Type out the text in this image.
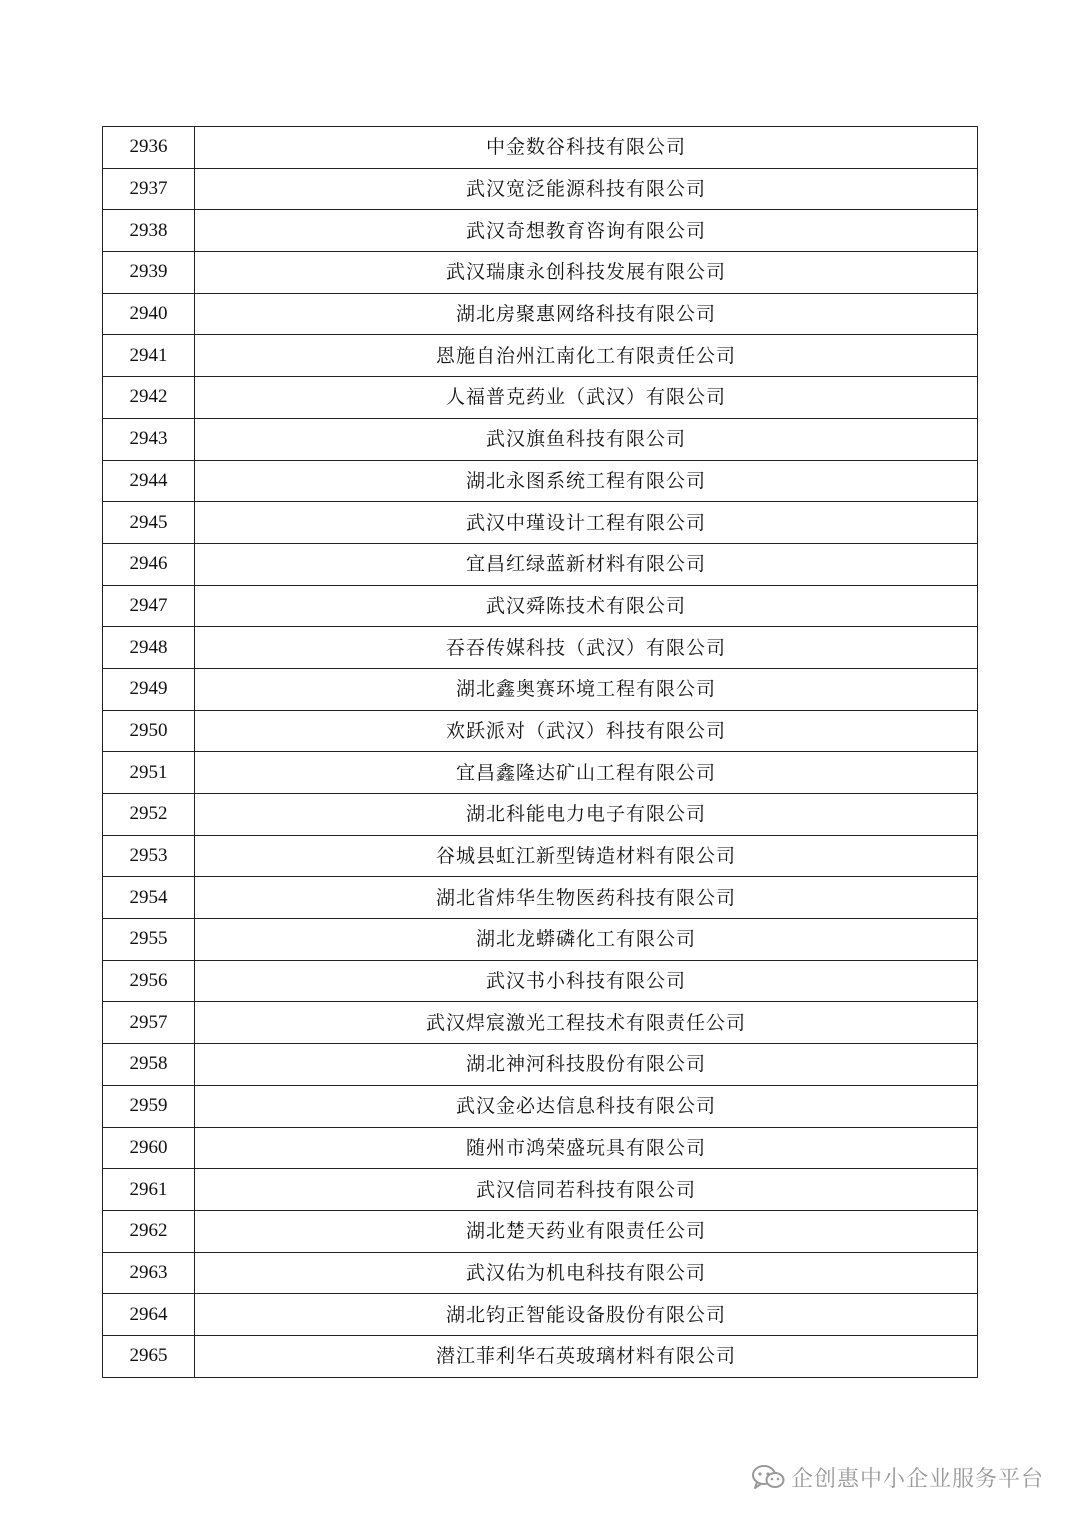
2936	中金数谷科技有限公司
2937	武汉宽泛能源科技有限公司
2938	武汉奇想教育咨询有限公司
2939	武汉瑞康永创科技发展有限公司
2940	湖北房聚惠网络科技有限公司
2941	恩施自治州江南化工有限责任公司
2942	人福普克药业（武汉）有限公司
2943	武汉旗鱼科技有限公司
2944	湖北永图系统工程有限公司
2945	武汉中瑾设计工程有限公司
2946	宜昌红绿蓝新材料有限公司
2947	武汉舜陈技术有限公司
2948	吞吞传媒科技（武汉）有限公司
2949	湖北鑫奥赛环境工程有限公司
2950	欢跃派对（武汉）科技有限公司
2951	宜昌鑫隆达矿山工程有限公司
2952	湖北科能电力电子有限公司
2953	谷城县虹江新型铸造材料有限公司
2954	湖北省炜华生物医药科技有限公司
2955	湖北龙蟒磷化工有限公司
2956	武汉书小科技有限公司
2957	武汉焊宸激光工程技术有限责任公司
2958	湖北神河科技股份有限公司
2959	武汉金必达信息科技有限公司
2960	随州市鸿荣盛玩具有限公司
2961	武汉信同若科技有限公司
2962	湖北楚天药业有限责任公司
2963	武汉佑为机电科技有限公司
2964	湖北钧正智能设备股份有限公司
2965	潜江菲利华石英玻璃材料有限公司
企创惠中小企业服务平台
